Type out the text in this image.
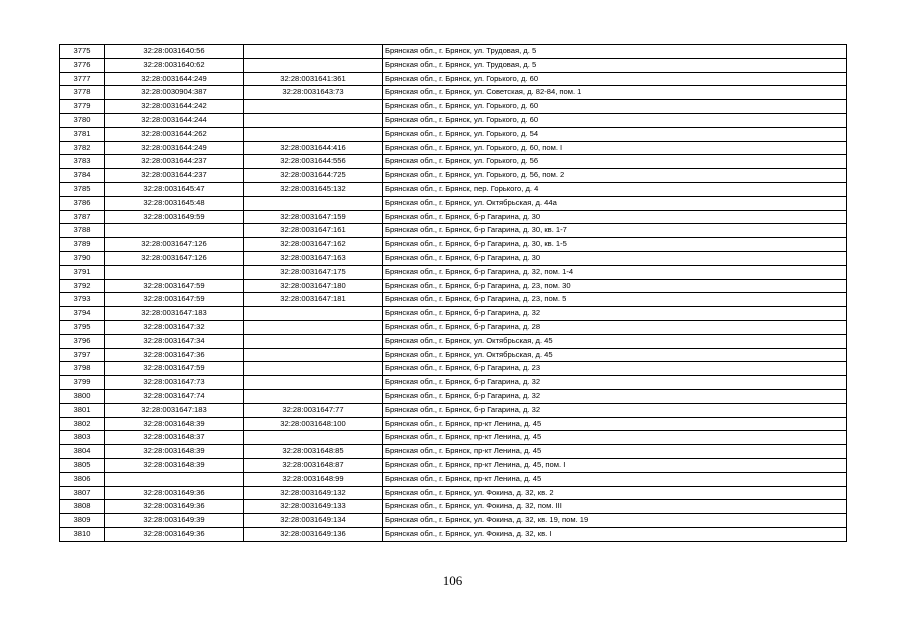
3775	32:28:0031640:56		Брянская обл., г. Брянск, ул. Трудовая, д. 5
3776	32:28:0031640:62		Брянская обл., г. Брянск, ул. Трудовая, д. 5
3777	32:28:0031644:249	32:28:0031641:361	Брянская обл., г. Брянск, ул. Горького, д. 60
3778	32:28:0030904:387	32:28:0031643:73	Брянская обл., г. Брянск, ул. Советская, д. 82-84, пом. 1
3779	32:28:0031644:242		Брянская обл., г. Брянск, ул. Горького, д. 60
3780	32:28:0031644:244		Брянская обл., г. Брянск, ул. Горького, д. 60
3781	32:28:0031644:262		Брянская обл., г. Брянск, ул. Горького, д. 54
3782	32:28:0031644:249	32:28:0031644:416	Брянская обл., г. Брянск, ул. Горького, д. 60, пом. I
3783	32:28:0031644:237	32:28:0031644:556	Брянская обл., г. Брянск, ул. Горького, д. 56
3784	32:28:0031644:237	32:28:0031644:725	Брянская обл., г. Брянск, ул. Горького, д. 56, пом. 2
3785	32:28:0031645:47	32:28:0031645:132	Брянская обл., г. Брянск, пер. Горького, д. 4
3786	32:28:0031645:48		Брянская обл., г. Брянск, ул. Октябрьская, д. 44а
3787	32:28:0031649:59	32:28:0031647:159	Брянская обл., г. Брянск, б-р Гагарина, д. 30
3788		32:28:0031647:161	Брянская обл., г. Брянск, б-р Гагарина, д. 30, кв. 1-7
3789	32:28:0031647:126	32:28:0031647:162	Брянская обл., г. Брянск, б-р Гагарина, д. 30, кв. 1-5
3790	32:28:0031647:126	32:28:0031647:163	Брянская обл., г. Брянск, б-р Гагарина, д. 30
3791		32:28:0031647:175	Брянская обл., г. Брянск, б-р Гагарина, д. 32, пом. 1-4
3792	32:28:0031647:59	32:28:0031647:180	Брянская обл., г. Брянск, б-р Гагарина, д. 23, пом. 30
3793	32:28:0031647:59	32:28:0031647:181	Брянская обл., г. Брянск, б-р Гагарина, д. 23, пом. 5
3794	32:28:0031647:183		Брянская обл., г. Брянск, б-р Гагарина, д. 32
3795	32:28:0031647:32		Брянская обл., г. Брянск, б-р Гагарина, д. 28
3796	32:28:0031647:34		Брянская обл., г. Брянск, ул. Октябрьская, д. 45
3797	32:28:0031647:36		Брянская обл., г. Брянск, ул. Октябрьская, д. 45
3798	32:28:0031647:59		Брянская обл., г. Брянск, б-р Гагарина, д. 23
3799	32:28:0031647:73		Брянская обл., г. Брянск, б-р Гагарина, д. 32
3800	32:28:0031647:74		Брянская обл., г. Брянск, б-р Гагарина, д. 32
3801	32:28:0031647:183	32:28:0031647:77	Брянская обл., г. Брянск, б-р Гагарина, д. 32
3802	32:28:0031648:39	32:28:0031648:100	Брянская обл., г. Брянск, пр-кт Ленина, д. 45
3803	32:28:0031648:37		Брянская обл., г. Брянск, пр-кт Ленина, д. 45
3804	32:28:0031648:39	32:28:0031648:85	Брянская обл., г. Брянск, пр-кт Ленина, д. 45
3805	32:28:0031648:39	32:28:0031648:87	Брянская обл., г. Брянск, пр-кт Ленина, д. 45, пом. I
3806		32:28:0031648:99	Брянская обл., г. Брянск, пр-кт Ленина, д. 45
3807	32:28:0031649:36	32:28:0031649:132	Брянская обл., г. Брянск, ул. Фокина, д. 32, кв. 2
3808	32:28:0031649:36	32:28:0031649:133	Брянская обл., г. Брянск, ул. Фокина, д. 32, пом. III
3809	32:28:0031649:39	32:28:0031649:134	Брянская обл., г. Брянск, ул. Фокина, д. 32, кв. 19, пом. 19
3810	32:28:0031649:36	32:28:0031649:136	Брянская обл., г. Брянск, ул. Фокина, д. 32, кв. I
106
